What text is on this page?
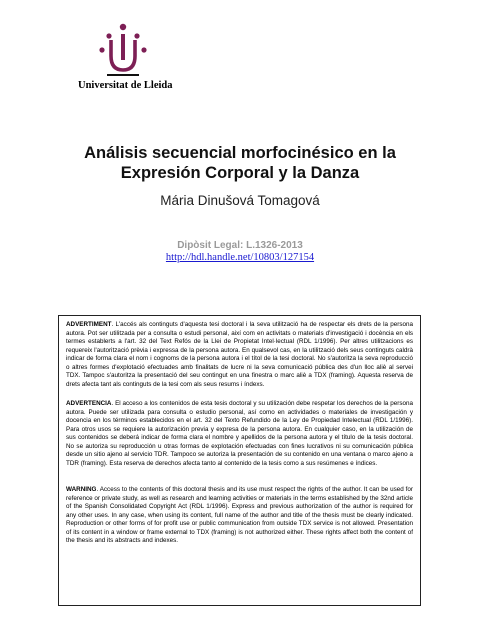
Universitat de Lleida
Análisis secuencial morfocinésico en la
Expresión Corporal y la Danza
Mária Dinušová Tomagová
Dipòsit Legal: L.1326-2013
http://hdl.handle.net/10803/127154

ADVERTIMENT. L'accés als continguts d'aquesta tesi doctoral i la seva utilització ha de respectar els drets de la persona autora. Pot ser utilitzada per a consulta o estudi personal, així com en activitats o materials d'investigació i docència en els termes establerts a l'art. 32 del Text Refós de la Llei de Propietat Intel·lectual (RDL 1/1996). Per altres utilitzacions es requereix l'autorització prèvia i expressa de la persona autora. En qualsevol cas, en la utilització dels seus continguts caldrà indicar de forma clara el nom i cognoms de la persona autora i el títol de la tesi doctoral. No s'autoritza la seva reproducció o altres formes d'explotació efectuades amb finalitats de lucre ni la seva comunicació pública des d'un lloc aliè al servei TDX. Tampoc s'autoritza la presentació del seu contingut en una finestra o marc aliè a TDX (framing). Aquesta reserva de drets afecta tant als continguts de la tesi com als seus resums i índexs.

ADVERTENCIA. El acceso a los contenidos de esta tesis doctoral y su utilización debe respetar los derechos de la persona autora. Puede ser utilizada para consulta o estudio personal, así como en actividades o materiales de investigación y docencia en los términos establecidos en el art. 32 del Texto Refundido de la Ley de Propiedad Intelectual (RDL 1/1996). Para otros usos se requiere la autorización previa y expresa de la persona autora. En cualquier caso, en la utilización de sus contenidos se deberá indicar de forma clara el nombre y apellidos de la persona autora y el título de la tesis doctoral. No se autoriza su reproducción u otras formas de explotación efectuadas con fines lucrativos ni su comunicación pública desde un sitio ajeno al servicio TDR. Tampoco se autoriza la presentación de su contenido en una ventana o marco ajeno a TDR (framing). Esta reserva de derechos afecta tanto al contenido de la tesis como a sus resúmenes e índices.

WARNING. Access to the contents of this doctoral thesis and its use must respect the rights of the author. It can be used for reference or private study, as well as research and learning activities or materials in the terms established by the 32nd article of the Spanish Consolidated Copyright Act (RDL 1/1996). Express and previous authorization of the author is required for any other uses. In any case, when using its content, full name of the author and title of the thesis must be clearly indicated. Reproduction or other forms of for profit use or public communication from outside TDX service is not allowed. Presentation of its content in a window or frame external to TDX (framing) is not authorized either. These rights affect both the content of the thesis and its abstracts and indexes.
